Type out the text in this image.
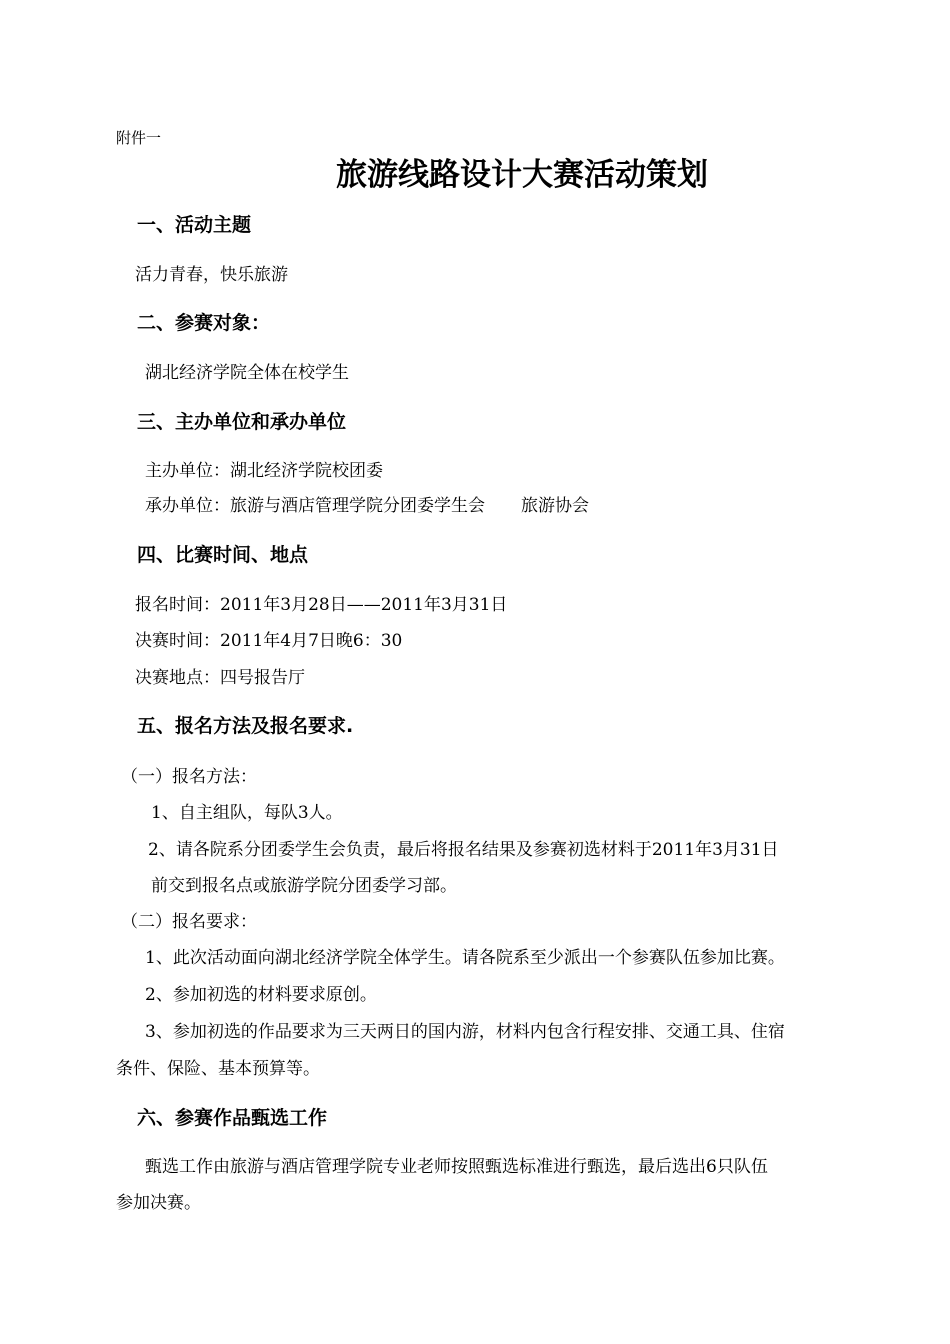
附件一
旅游线路设计大赛活动策划
一、活动主题
活力青春，快乐旅游
二、参赛对象：
湖北经济学院全体在校学生
三、主办单位和承办单位
主办单位：湖北经济学院校团委
承办单位：旅游与酒店管理学院分团委学生会 旅游协会
四、比赛时间、地点
报名时间：2011年3月28日——2011年3月31日
决赛时间：2011年4月7日晚6：30
决赛地点：四号报告厅
五、报名方法及报名要求.
（一）报名方法：
1、自主组队，每队3人。
2、请各院系分团委学生会负责，最后将报名结果及参赛初选材料于2011年3月31日
前交到报名点或旅游学院分团委学习部。
（二）报名要求：
1、此次活动面向湖北经济学院全体学生。请各院系至少派出一个参赛队伍参加比赛。
2、参加初选的材料要求原创。
3、参加初选的作品要求为三天两日的国内游，材料内包含行程安排、交通工具、住宿
条件、保险、基本预算等。
六、参赛作品甄选工作
甄选工作由旅游与酒店管理学院专业老师按照甄选标准进行甄选，最后选出6只队伍
参加决赛。
